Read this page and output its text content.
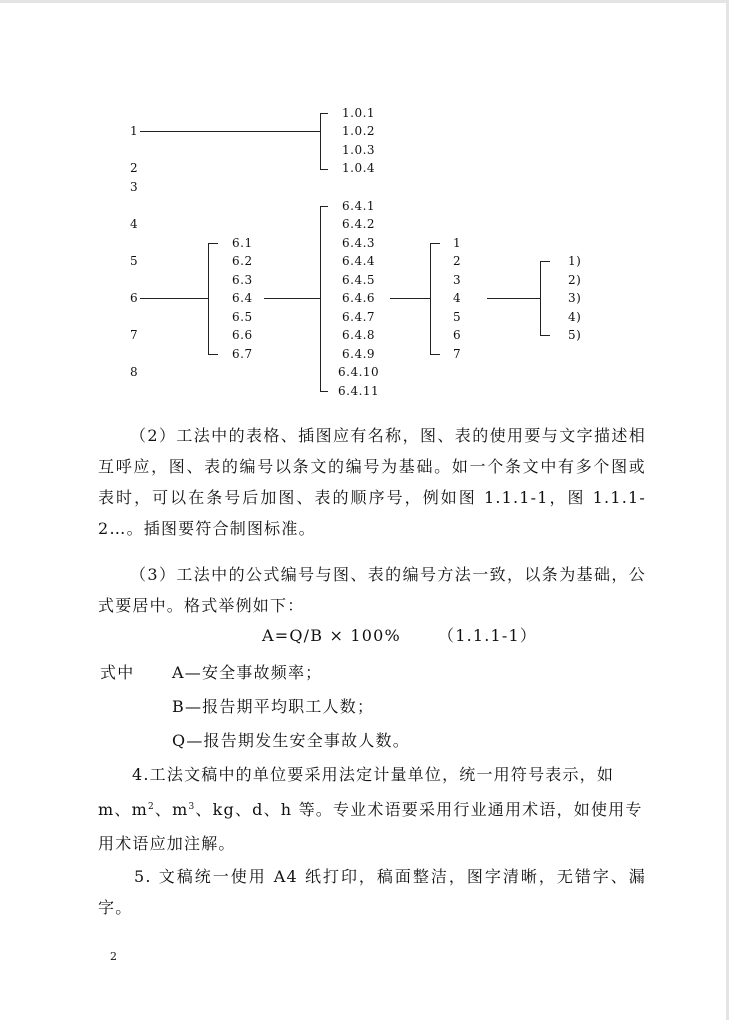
1
2
3
4
5
6
7
8
1.0.1
1.0.2
1.0.3
1.0.4
6.1
6.2
6.3
6.4
6.5
6.6
6.7
6.4.1
6.4.2
6.4.3
6.4.4
6.4.5
6.4.6
6.4.7
6.4.8
6.4.9
6.4.10
6.4.11
1
2
3
4
5
6
7
1)
2)
3)
4)
5)
（2）工法中的表格、插图应有名称，图、表的使用要与文字描述相互呼应，图、表的编号以条文的编号为基础。如一个条文中有多个图或表时，可以在条号后加图、表的顺序号，例如图 1.1.1-1，图 1.1.1-2…。插图要符合制图标准。
（3）工法中的公式编号与图、表的编号方法一致，以条为基础，公式要居中。格式举例如下：
A=Q/B × 100% （1.1.1-1）
式中 A—安全事故频率；
B—报告期平均职工人数；
Q—报告期发生安全事故人数。
4.工法文稿中的单位要采用法定计量单位，统一用符号表示，如
m、$m^2$、$m^3$、kg、d、h 等。专业术语要采用行业通用术语，如使用专
用术语应加注解。
5. 文稿统一使用 A4 纸打印，稿面整洁，图字清晰，无错字、漏字。
2
